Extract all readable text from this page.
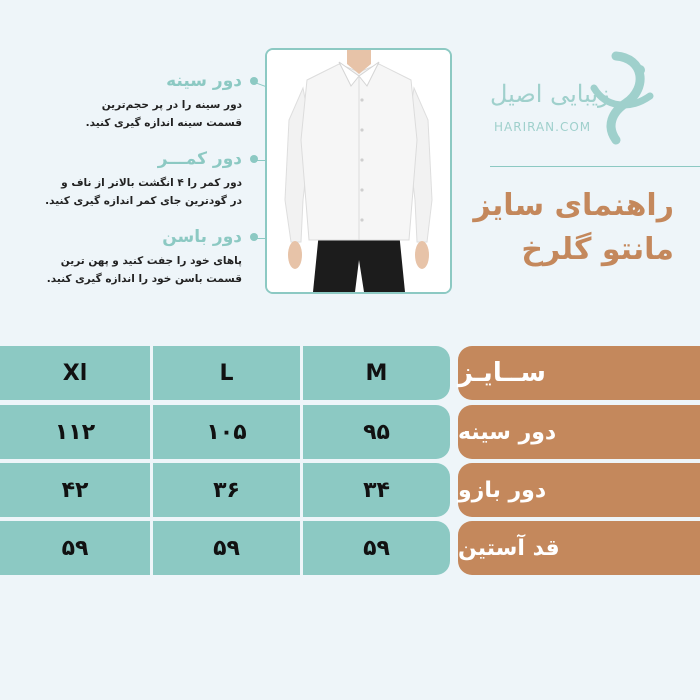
دور سینه
دور سینه را در پر حجم‌ترین
قسمت سینه اندازه گیری کنید.
دور کمـــر
دور کمر را ۴ انگشت بالاتر از ناف و
در گودترین جای کمر اندازه گیری کنید.
دور باسن
پاهای خود را جفت کنید و پهن ترین
قسمت باسن خود را اندازه گیری کنید.
زیبایی اصیل
HARIRAN.COM
راهنمای سایز
مانتو گلرخ
Xl	L	M	ســایـز
۱۱۲	۱۰۵	۹۵	دور سینه
۴۲	۳۶	۳۴	دور بازو
۵۹	۵۹	۵۹	قد آستین
